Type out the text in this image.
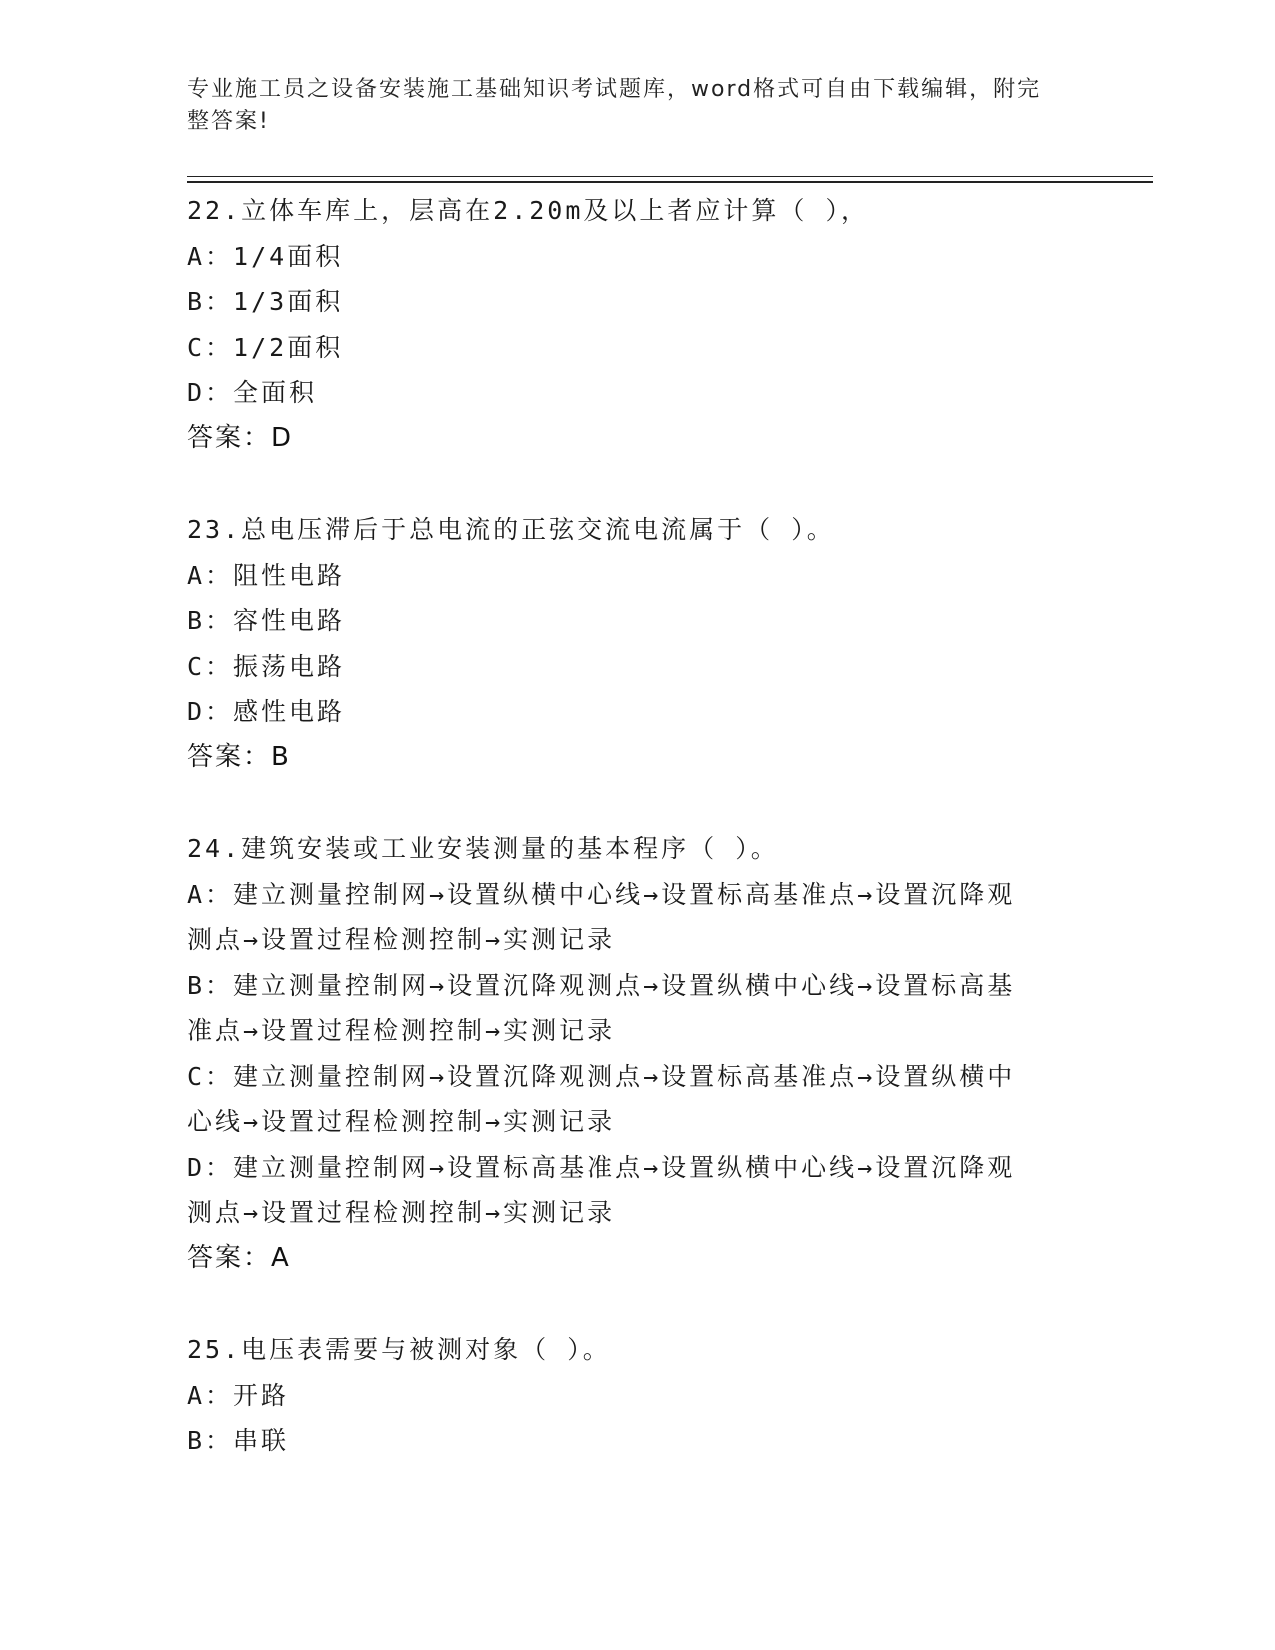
专业施工员之设备安装施工基础知识考试题库，word格式可自由下载编辑，附完
整答案!
22.立体车库上，层高在2.20m及以上者应计算（ ），
A：1/4面积
B：1/3面积
C：1/2面积
D：全面积
答案：D
23.总电压滞后于总电流的正弦交流电流属于（ ）。
A：阻性电路
B：容性电路
C：振荡电路
D：感性电路
答案：B
24.建筑安装或工业安装测量的基本程序（ ）。
A：建立测量控制网→设置纵横中心线→设置标高基准点→设置沉降观
测点→设置过程检测控制→实测记录
B：建立测量控制网→设置沉降观测点→设置纵横中心线→设置标高基
准点→设置过程检测控制→实测记录
C：建立测量控制网→设置沉降观测点→设置标高基准点→设置纵横中
心线→设置过程检测控制→实测记录
D：建立测量控制网→设置标高基准点→设置纵横中心线→设置沉降观
测点→设置过程检测控制→实测记录
答案：A
25.电压表需要与被测对象（ ）。
A：开路
B：串联
